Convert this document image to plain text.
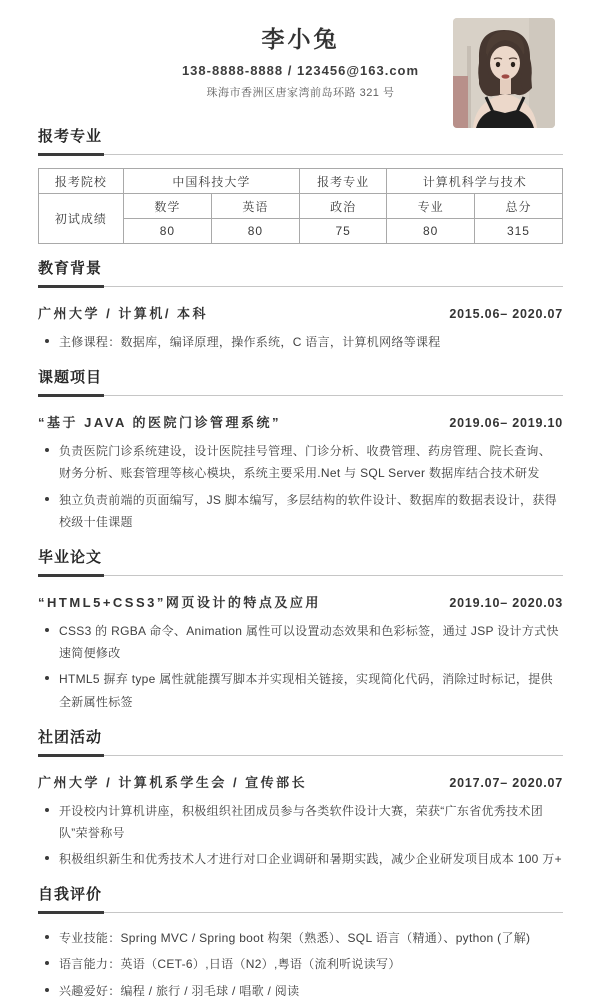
李小兔
138-8888-8888 / 123456@163.com
珠海市香洲区唐家湾前岛环路 321 号
报考专业
报考院校	中国科技大学		报考专业	计算机科学与技术	
初试成绩	数学	英语	政治	专业	总分
	80	80	75	80	315
教育背景
广州大学 / 计算机/ 本科	2015.06– 2020.07
主修课程：数据库，编译原理，操作系统，C 语言，计算机网络等课程
课题项目
“基于 JAVA 的医院门诊管理系统”	2019.06– 2019.10
负责医院门诊系统建设，设计医院挂号管理、门诊分析、收费管理、药房管理、院长查询、财务分析、账套管理等核心模块，系统主要采用.Net 与 SQL Server 数据库结合技术研发
独立负责前端的页面编写，JS 脚本编写，多层结构的软件设计、数据库的数据表设计，获得校级十佳课题
毕业论文
“HTML5+CSS3”网页设计的特点及应用	2019.10– 2020.03
CSS3 的 RGBA 命令、Animation 属性可以设置动态效果和色彩标签，通过 JSP 设计方式快速简便修改
HTML5 摒弃 type 属性就能撰写脚本并实现相关链接，实现简化代码，消除过时标记，提供全新属性标签
社团活动
广州大学 / 计算机系学生会 / 宣传部长	2017.07– 2020.07
开设校内计算机讲座，积极组织社团成员参与各类软件设计大赛，荣获“广东省优秀技术团队”荣誉称号
积极组织新生和优秀技术人才进行对口企业调研和暑期实践，减少企业研发项目成本 100 万+
自我评价
专业技能：Spring MVC / Spring boot 构架（熟悉）、SQL 语言（精通）、python (了解)
语言能力：英语（CET-6）,日语（N2）,粤语（流利听说读写）
兴趣爱好：编程 / 旅行 / 羽毛球 / 唱歌 / 阅读
